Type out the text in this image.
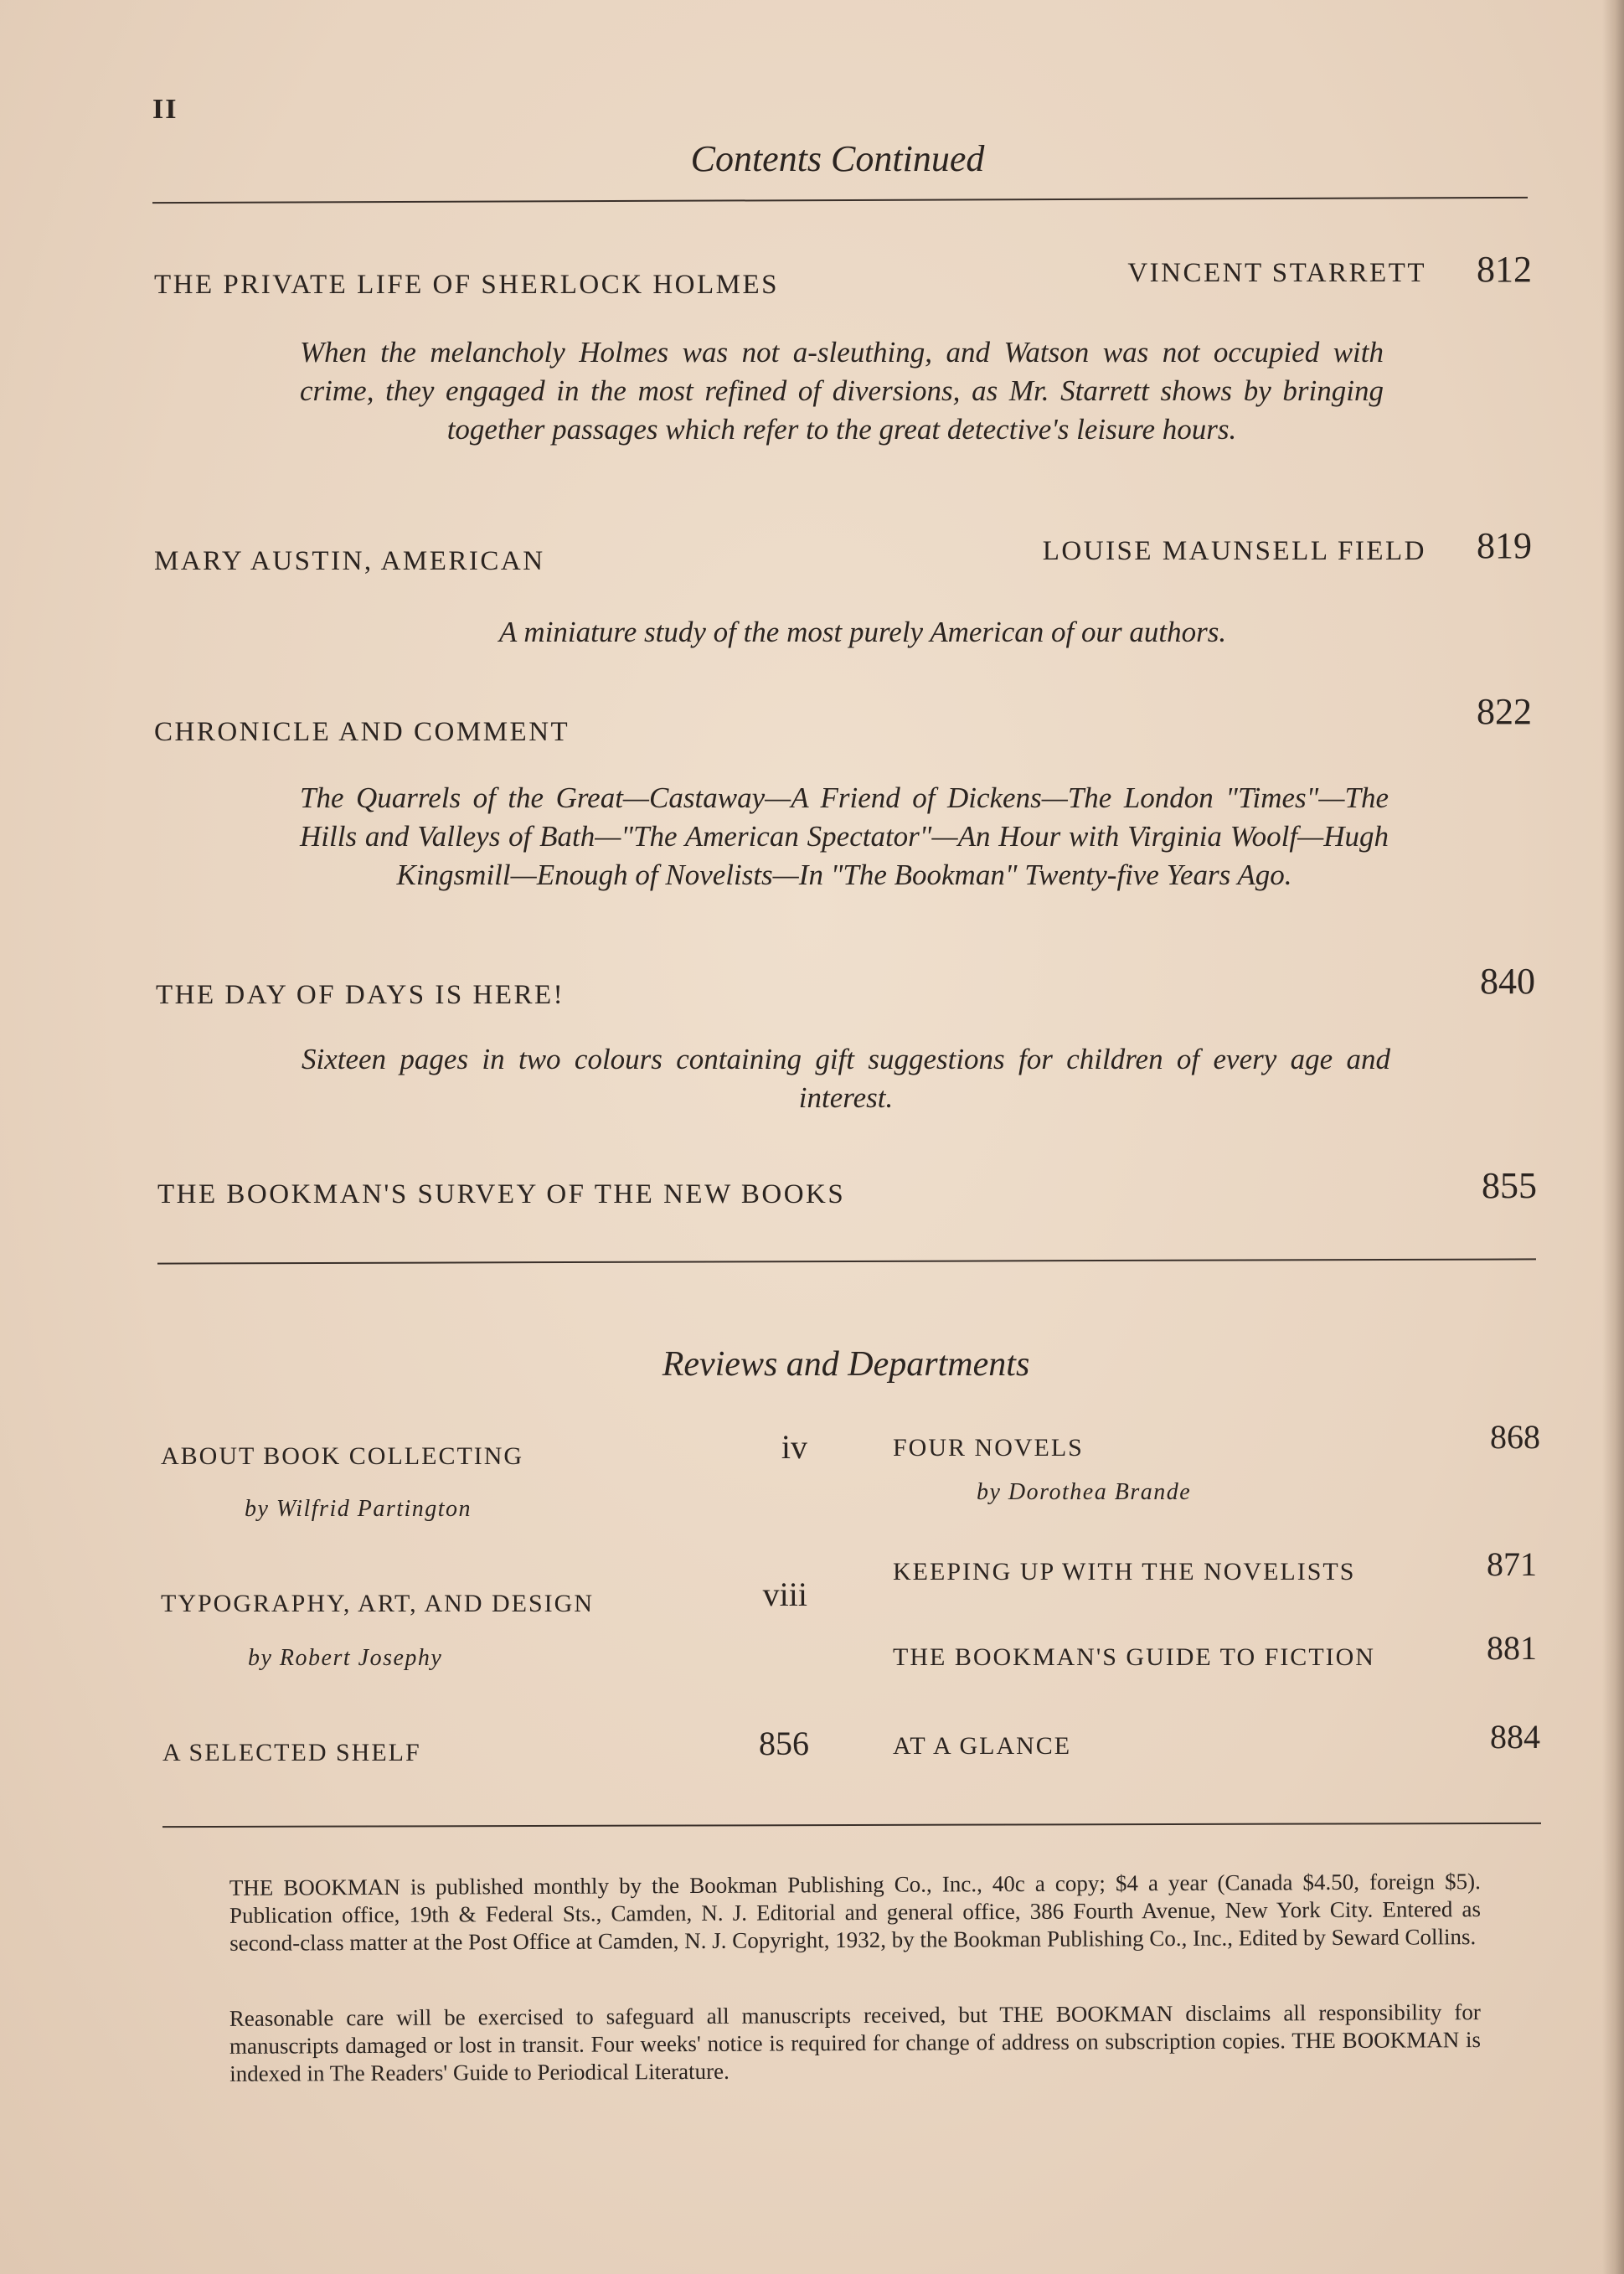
II
Contents Continued
THE PRIVATE LIFE OF SHERLOCK HOLMES	VINCENT STARRETT 812
When the melancholy Holmes was not a-sleuthing, and Watson was not occupied with crime, they engaged in the most refined of diversions, as Mr. Starrett shows by bringing together passages which refer to the great detective's leisure hours.
MARY AUSTIN, AMERICAN	LOUISE MAUNSELL FIELD 819
A miniature study of the most purely American of our authors.
CHRONICLE AND COMMENT	822
The Quarrels of the Great—Castaway—A Friend of Dickens—The London "Times"—The Hills and Valleys of Bath—"The American Spectator"—An Hour with Virginia Woolf—Hugh Kingsmill—Enough of Novelists—In "The Bookman" Twenty-five Years Ago.
THE DAY OF DAYS IS HERE!	840
Sixteen pages in two colours containing gift suggestions for children of every age and interest.
THE BOOKMAN'S SURVEY OF THE NEW BOOKS	855
Reviews and Departments
ABOUT BOOK COLLECTING	iv
by Wilfrid Partington
TYPOGRAPHY, ART, AND DESIGN	viii
by Robert Josephy
A SELECTED SHELF	856
FOUR NOVELS	868
by Dorothea Brande
KEEPING UP WITH THE NOVELISTS	871
THE BOOKMAN'S GUIDE TO FICTION	881
AT A GLANCE	884
THE BOOKMAN is published monthly by the Bookman Publishing Co., Inc., 40c a copy; $4 a year (Canada $4.50, foreign $5). Publication office, 19th & Federal Sts., Camden, N. J. Editorial and general office, 386 Fourth Avenue, New York City. Entered as second-class matter at the Post Office at Camden, N. J. Copyright, 1932, by the Bookman Publishing Co., Inc., Edited by Seward Collins.
Reasonable care will be exercised to safeguard all manuscripts received, but THE BOOKMAN disclaims all responsibility for manuscripts damaged or lost in transit. Four weeks' notice is required for change of address on subscription copies. THE BOOKMAN is indexed in The Readers' Guide to Periodical Literature.
